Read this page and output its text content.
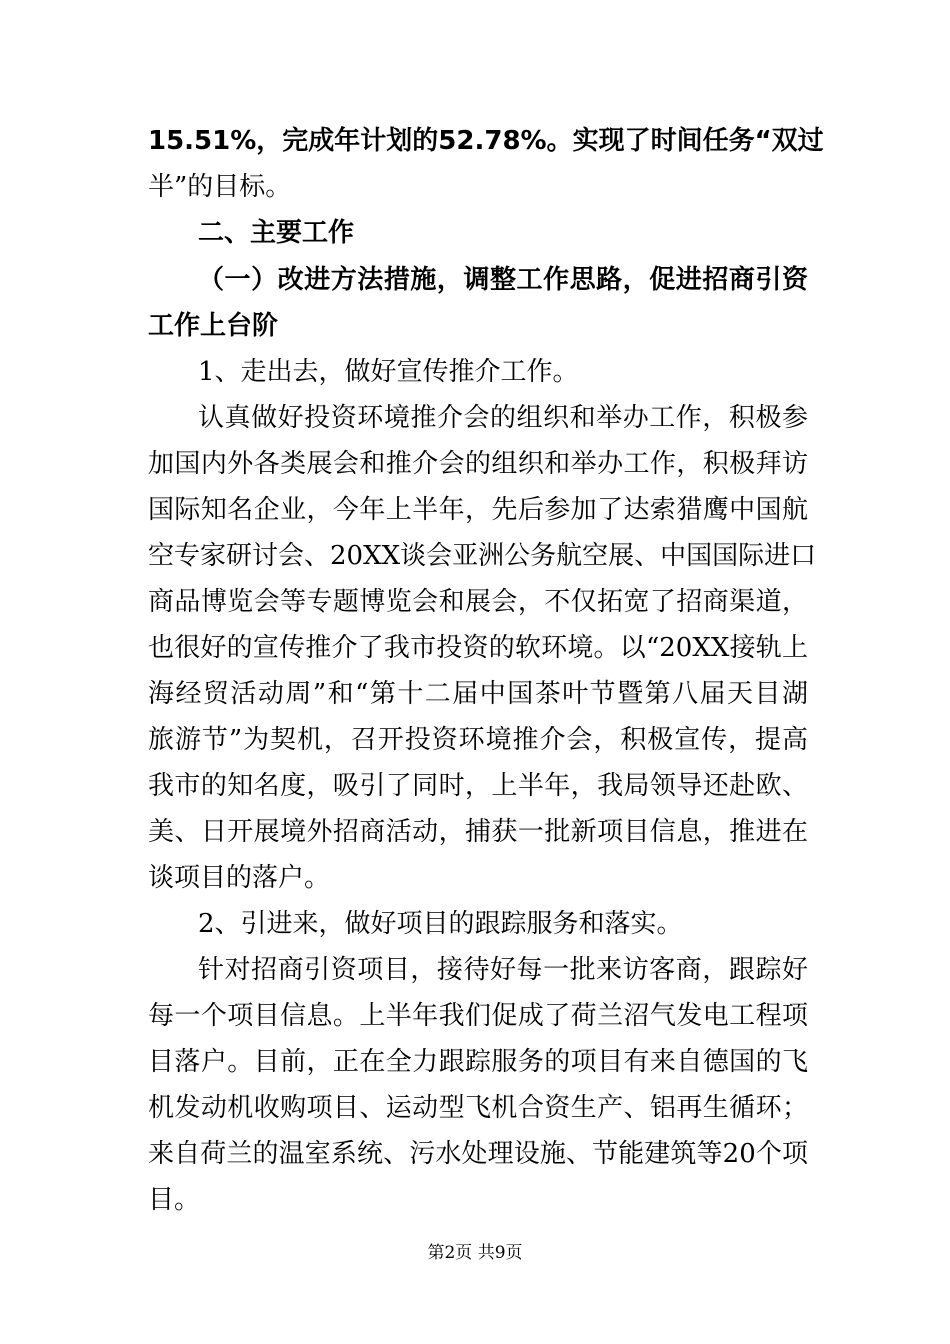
15.51%，完成年计划的52.78%。实现了时间任务“双过
半”的目标。
二、主要工作
（一）改进方法措施，调整工作思路，促进招商引资
工作上台阶
1、走出去，做好宣传推介工作。
认真做好投资环境推介会的组织和举办工作，积极参
加国内外各类展会和推介会的组织和举办工作，积极拜访
国际知名企业，今年上半年，先后参加了达索猎鹰中国航
空专家研讨会、20XX谈会亚洲公务航空展、中国国际进口
商品博览会等专题博览会和展会，不仅拓宽了招商渠道，
也很好的宣传推介了我市投资的软环境。以“20XX接轨上
海经贸活动周”和“第十二届中国茶叶节暨第八届天目湖
旅游节”为契机，召开投资环境推介会，积极宣传，提高
我市的知名度，吸引了同时，上半年，我局领导还赴欧、
美、日开展境外招商活动，捕获一批新项目信息，推进在
谈项目的落户。
2、引进来，做好项目的跟踪服务和落实。
针对招商引资项目，接待好每一批来访客商，跟踪好
每一个项目信息。上半年我们促成了荷兰沼气发电工程项
目落户。目前，正在全力跟踪服务的项目有来自德国的飞
机发动机收购项目、运动型飞机合资生产、铝再生循环；
来自荷兰的温室系统、污水处理设施、节能建筑等20个项
目。
第2页 共9页
